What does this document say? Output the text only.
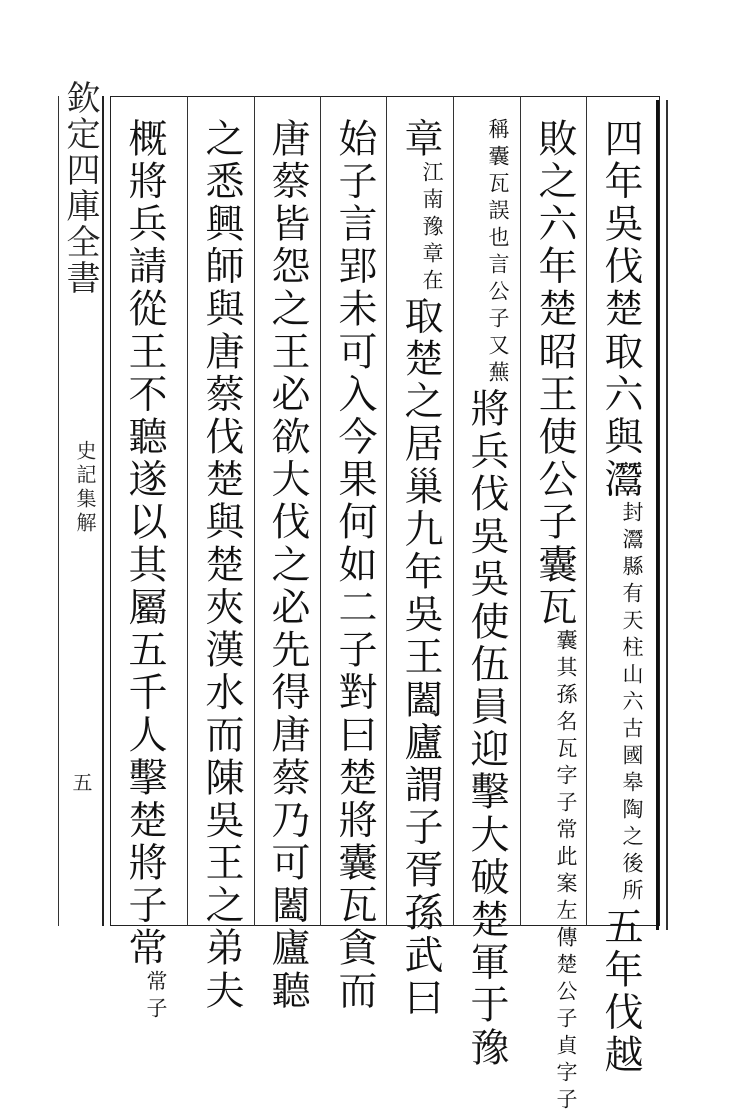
欽定四庫全書
史記集解
五
四年吳伐楚取六與灊
六古國皋陶之後所
封灊縣有天柱山
五年伐越
敗之六年楚昭王使公子囊瓦
案左傳楚公子貞字子
囊其孫名瓦字子常此
言公子又蕪
稱囊瓦誤也
將兵伐吳吳使伍員迎擊大破楚軍于豫
章
豫章在
江南
取楚之居巢九年吳王闔廬謂子胥孫武曰
始子言郢未可入今果何如二子對曰楚將囊瓦貪而
唐蔡皆怨之王必欲大伐之必先得唐蔡乃可闔廬聽
之悉興師與唐蔡伐楚與楚夾漢水而陳吳王之弟夫
概將兵請從王不聽遂以其屬五千人擊楚將子常
子
常
